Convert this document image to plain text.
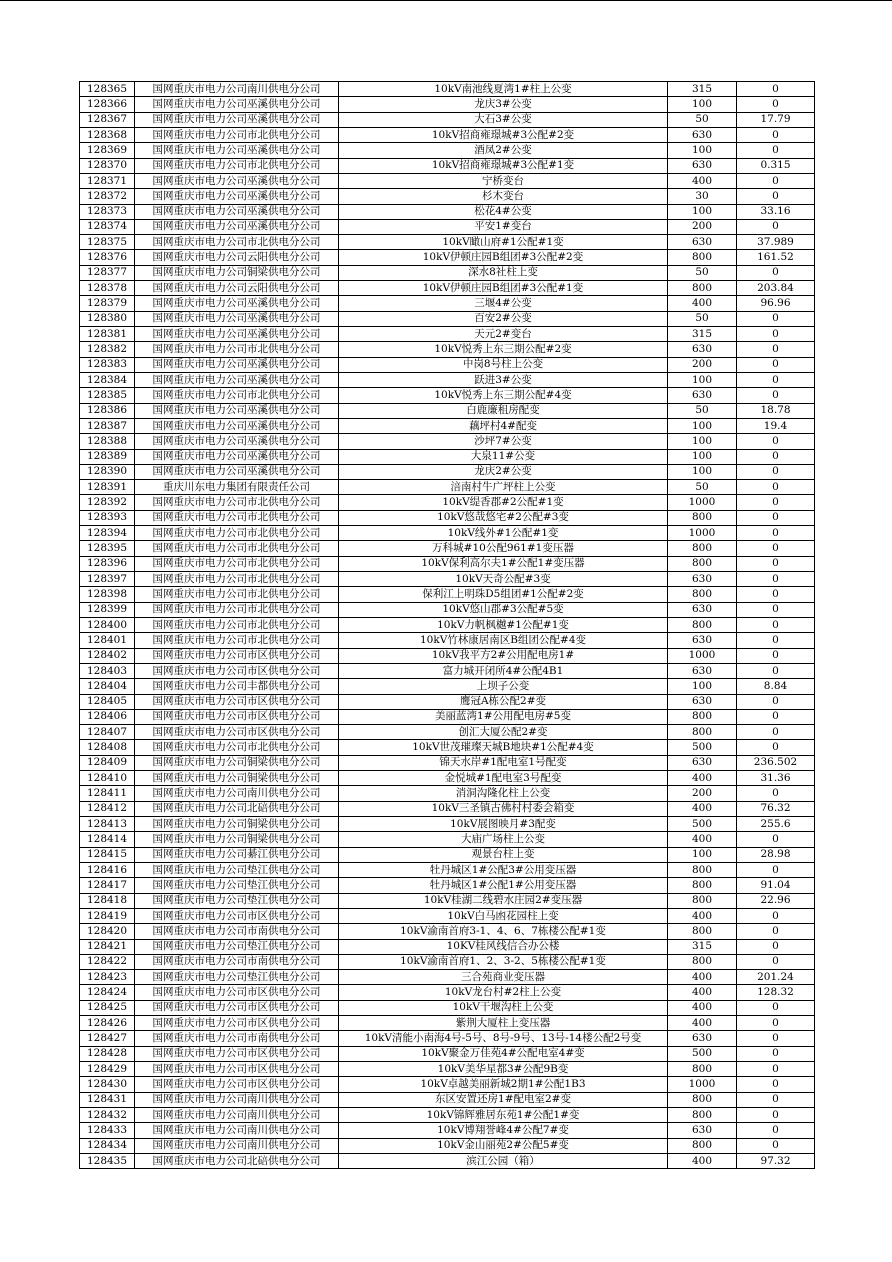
128365	国网重庆市电力公司南川供电分公司	10kV南池线夏湾1#柱上公变	315	0
128366	国网重庆市电力公司巫溪供电分公司	龙庆3#公变	100	0
128367	国网重庆市电力公司巫溪供电分公司	大石3#公变	50	17.79
128368	国网重庆市电力公司市北供电分公司	10kV招商雍璟城#3公配#2变	630	0
128369	国网重庆市电力公司巫溪供电分公司	酒凤2#公变	100	0
128370	国网重庆市电力公司市北供电分公司	10kV招商雍璟城#3公配#1变	630	0.315
128371	国网重庆市电力公司巫溪供电分公司	宁桥变台	400	0
128372	国网重庆市电力公司巫溪供电分公司	杉木变台	30	0
128373	国网重庆市电力公司巫溪供电分公司	松花4#公变	100	33.16
128374	国网重庆市电力公司巫溪供电分公司	平安1#变台	200	0
128375	国网重庆市电力公司市北供电分公司	10kV瞰山府#1公配#1变	630	37.989
128376	国网重庆市电力公司云阳供电分公司	10kV伊顿庄园B组团#3公配#2变	800	161.52
128377	国网重庆市电力公司铜梁供电分公司	深水8社柱上变	50	0
128378	国网重庆市电力公司云阳供电分公司	10kV伊顿庄园B组团#3公配#1变	800	203.84
128379	国网重庆市电力公司巫溪供电分公司	三堰4#公变	400	96.96
128380	国网重庆市电力公司巫溪供电分公司	百安2#公变	50	0
128381	国网重庆市电力公司巫溪供电分公司	天元2#变台	315	0
128382	国网重庆市电力公司市北供电分公司	10kV悦秀上东三期公配#2变	630	0
128383	国网重庆市电力公司巫溪供电分公司	中岗8号柱上公变	200	0
128384	国网重庆市电力公司巫溪供电分公司	跃进3#公变	100	0
128385	国网重庆市电力公司市北供电分公司	10kV悦秀上东三期公配#4变	630	0
128386	国网重庆市电力公司巫溪供电分公司	白鹿廉租房配变	50	18.78
128387	国网重庆市电力公司巫溪供电分公司	藕坪村4#配变	100	19.4
128388	国网重庆市电力公司巫溪供电分公司	沙坪7#公变	100	0
128389	国网重庆市电力公司巫溪供电分公司	大泉11#公变	100	0
128390	国网重庆市电力公司巫溪供电分公司	龙庆2#公变	100	0
128391	重庆川东电力集团有限责任公司	涪南村牛广坪柱上公变	50	0
128392	国网重庆市电力公司市北供电分公司	10kV缇香郡#2公配#1变	1000	0
128393	国网重庆市电力公司市北供电分公司	10kV悠哉悠宅#2公配#3变	800	0
128394	国网重庆市电力公司市北供电分公司	10kV线外#1公配#1变	1000	0
128395	国网重庆市电力公司市北供电分公司	万科城#10公配961#1变压器	800	0
128396	国网重庆市电力公司市北供电分公司	10kV保利高尔夫1#公配1#变压器	800	0
128397	国网重庆市电力公司市北供电分公司	10kV天奇公配#3变	630	0
128398	国网重庆市电力公司市北供电分公司	保利江上明珠D5组团#1公配#2变	800	0
128399	国网重庆市电力公司市北供电分公司	10kV悠山郡#3公配#5变	630	0
128400	国网重庆市电力公司市北供电分公司	10kV力帆枫樾#1公配#1变	800	0
128401	国网重庆市电力公司市北供电分公司	10kV竹林康居南区B组团公配#4变	630	0
128402	国网重庆市电力公司市区供电分公司	10kV我平方2#公用配电房1#	1000	0
128403	国网重庆市电力公司市区供电分公司	富力城开闭所4#公配4B1	630	0
128404	国网重庆市电力公司丰都供电分公司	上坝子公变	100	8.84
128405	国网重庆市电力公司市区供电分公司	鹰冠A栋公配2#变	630	0
128406	国网重庆市电力公司市区供电分公司	美丽蓝湾1#公用配电房#5变	800	0
128407	国网重庆市电力公司市区供电分公司	创汇大厦公配2#变	800	0
128408	国网重庆市电力公司市北供电分公司	10kV世茂璀璨天城B地块#1公配#4变	500	0
128409	国网重庆市电力公司铜梁供电分公司	锦天水岸#1配电室1号配变	630	236.502
128410	国网重庆市电力公司铜梁供电分公司	金悦城#1配电室3号配变	400	31.36
128411	国网重庆市电力公司南川供电分公司	消洞沟隆化柱上公变	200	0
128412	国网重庆市电力公司北碚供电分公司	10kV三圣镇古佛村村委会箱变	400	76.32
128413	国网重庆市电力公司铜梁供电分公司	10kV展图映月#3配变	500	255.6
128414	国网重庆市电力公司铜梁供电分公司	大庙广场柱上公变	400	0
128415	国网重庆市电力公司綦江供电分公司	观景台柱上变	100	28.98
128416	国网重庆市电力公司垫江供电分公司	牡丹城区1#公配3#公用变压器	800	0
128417	国网重庆市电力公司垫江供电分公司	牡丹城区1#公配1#公用变压器	800	91.04
128418	国网重庆市电力公司垫江供电分公司	10kV桂湖二线碧水庄园2#变压器	800	22.96
128419	国网重庆市电力公司市区供电分公司	10kV白马凼花园柱上变	400	0
128420	国网重庆市电力公司市南供电分公司	10kV渝南首府3-1、4、6、7栋楼公配#1变	800	0
128421	国网重庆市电力公司垫江供电分公司	10KV桂风线信合办公楼	315	0
128422	国网重庆市电力公司市南供电分公司	10kV渝南首府1、2、3-2、5栋楼公配#1变	800	0
128423	国网重庆市电力公司垫江供电分公司	三合苑商业变压器	400	201.24
128424	国网重庆市电力公司市区供电分公司	10kV龙台村#2柱上公变	400	128.32
128425	国网重庆市电力公司市区供电分公司	10kV干堰沟柱上公变	400	0
128426	国网重庆市电力公司市区供电分公司	紫荆大厦柱上变压器	400	0
128427	国网重庆市电力公司市南供电分公司	10kV清能小南海4号-5号、8号-9号、13号-14楼公配2号变	630	0
128428	国网重庆市电力公司市区供电分公司	10kV聚金万佳苑4#公配电室4#变	500	0
128429	国网重庆市电力公司市区供电分公司	10kV美华星都3#公配9B变	800	0
128430	国网重庆市电力公司市区供电分公司	10kV卓越美丽新城2期1#公配1B3	1000	0
128431	国网重庆市电力公司南川供电分公司	东区安置还房1#配电室2#变	800	0
128432	国网重庆市电力公司南川供电分公司	10kV锦辉雅居东苑1#公配1#变	800	0
128433	国网重庆市电力公司南川供电分公司	10kV博翔誉峰4#公配7#变	630	0
128434	国网重庆市电力公司南川供电分公司	10kV金山丽苑2#公配5#变	800	0
128435	国网重庆市电力公司北碚供电分公司	滨江公园（箱）	400	97.32
